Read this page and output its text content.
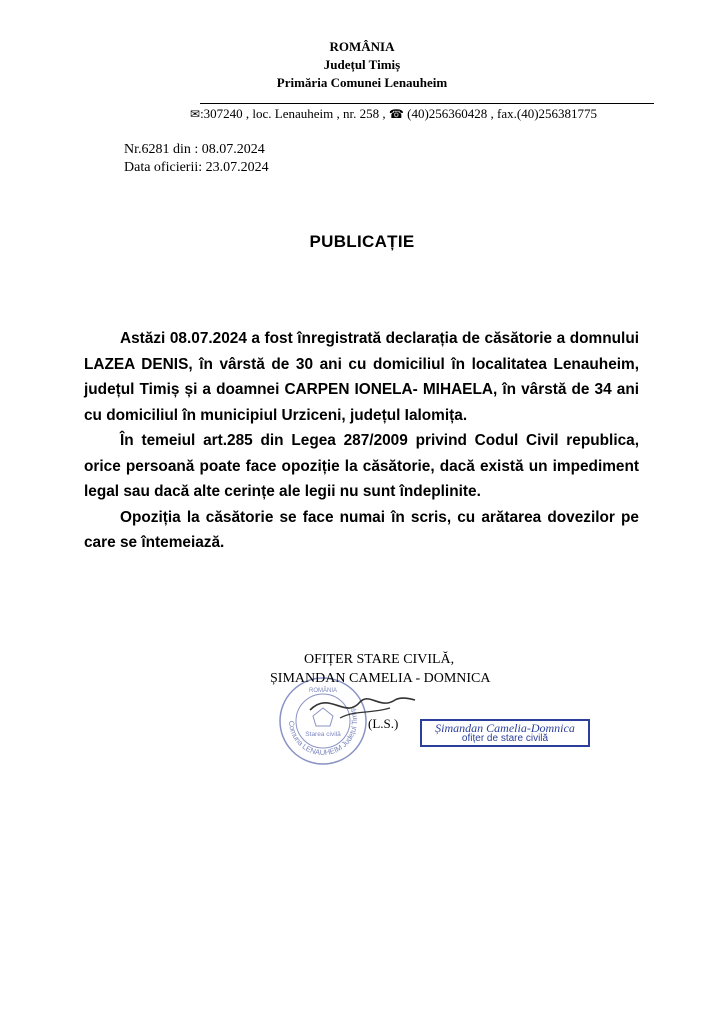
ROMÂNIA
Județul Timiș
Primăria Comunei Lenauheim
✉:307240 , loc. Lenauheim , nr. 258 , ☎ (40)256360428 , fax.(40)256381775
Nr.6281 din : 08.07.2024
Data oficierii: 23.07.2024
PUBLICAȚIE

Astăzi 08.07.2024 a fost înregistrată declarația de căsătorie a domnului LAZEA DENIS, în vârstă de 30 ani cu domiciliul în localitatea Lenauheim, județul Timiș și a doamnei CARPEN IONELA- MIHAELA, în vârstă de 34 ani cu domiciliul în municipiul Urziceni, județul Ialomița.

În temeiul art.285 din Legea 287/2009 privind Codul Civil republica, orice persoană poate face opoziție la căsătorie, dacă există un impediment legal sau dacă alte cerințe ale legii nu sunt îndeplinite.

Opoziția la căsătorie se face numai în scris, cu arătarea dovezilor pe care se întemeiază.

Comuna LENAUHEIM Județul Timiș
ROMÂNIA
Starea civilă
OFIȚER STARE CIVILĂ,
ȘIMANDAN CAMELIA - DOMNICA
(L.S.)	Șimandan Camelia-Domnica
ofițer de stare civilă
